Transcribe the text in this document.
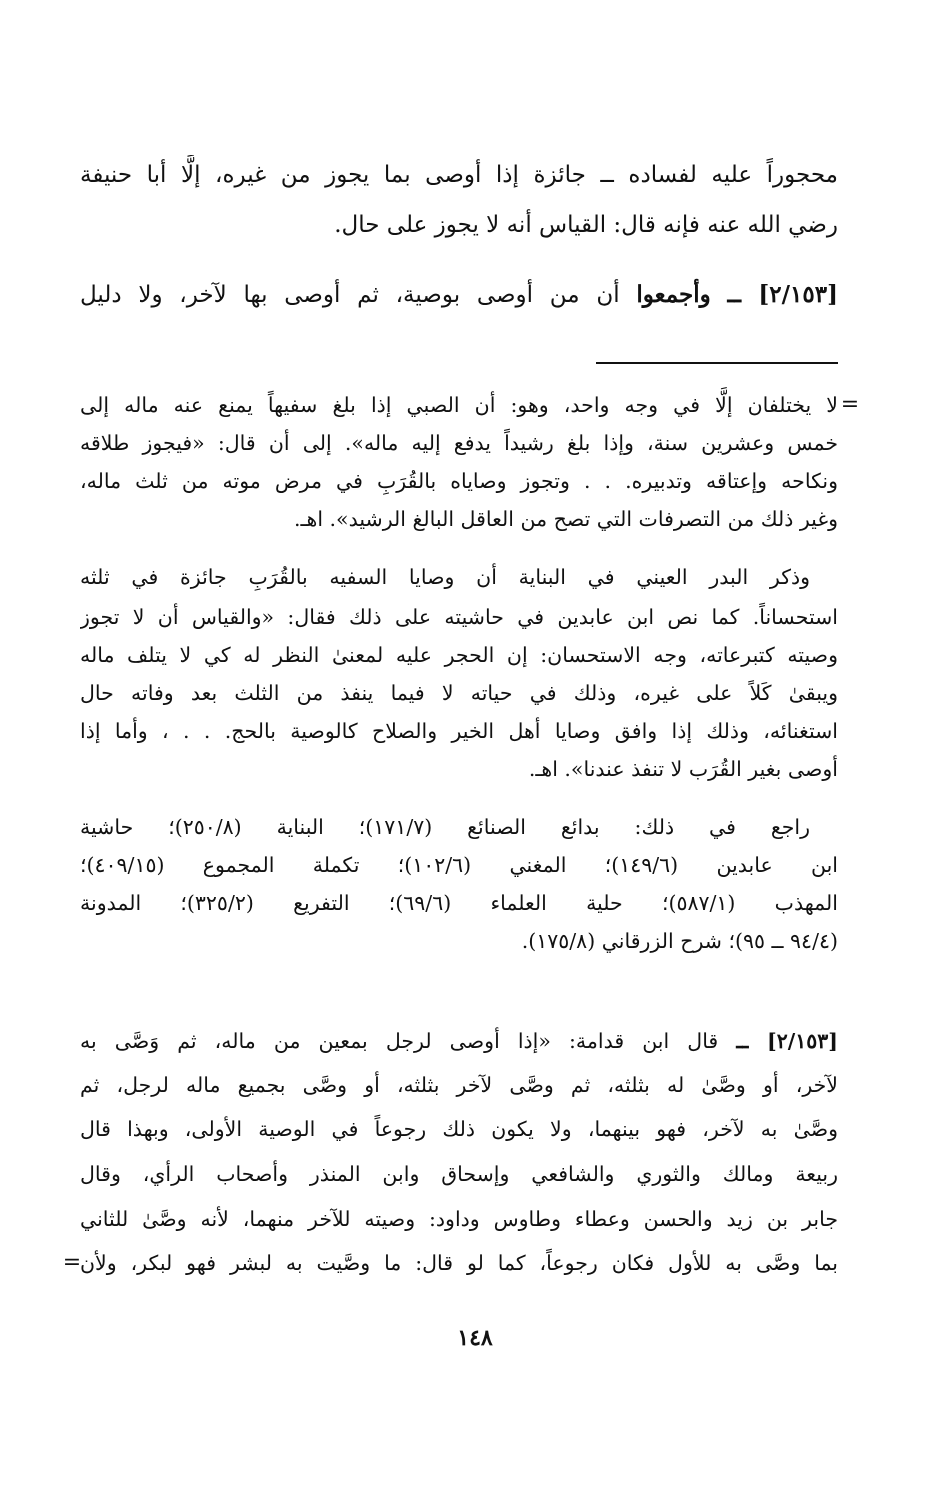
محجوراً عليه لفساده ــ جائزة إذا أوصى بما يجوز من غيره، إلَّا أبا حنيفة
رضي الله عنه فإنه قال: القياس أنه لا يجوز على حال.
[٢/١٥٣] ــ وأجمعوا أن من أوصى بوصية، ثم أوصى بها لآخر، ولا دليل
=
=
لا يختلفان إلَّا في وجه واحد، وهو: أن الصبي إذا بلغ سفيهاً يمنع عنه ماله إلى
خمس وعشرين سنة، وإذا بلغ رشيداً يدفع إليه ماله». إلى أن قال: «فيجوز طلاقه
ونكاحه وإعتاقه وتدبيره. . . وتجوز وصاياه بالقُرَبِ في مرض موته من ثلث ماله،
وغير ذلك من التصرفات التي تصح من العاقل البالغ الرشيد». اهـ.
وذكر البدر العيني في البناية أن وصايا السفيه بالقُرَبِ جائزة في ثلثه
استحساناً. كما نص ابن عابدين في حاشيته على ذلك فقال: «والقياس أن لا تجوز
وصيته كتبرعاته، وجه الاستحسان: إن الحجر عليه لمعنىٰ النظر له كي لا يتلف ماله
ويبقىٰ كَلاً على غيره، وذلك في حياته لا فيما ينفذ من الثلث بعد وفاته حال
استغنائه، وذلك إذا وافق وصايا أهل الخير والصلاح كالوصية بالحج. . . ، وأما إذا
أوصى بغير القُرَب لا تنفذ عندنا». اهـ.
راجع في ذلك: بدائع الصنائع (١٧١/٧)؛ البناية (٢٥٠/٨)؛ حاشية
ابن عابدين (١٤٩/٦)؛ المغني (١٠٢/٦)؛ تكملة المجموع (٤٠٩/١٥)؛
المهذب (٥٨٧/١)؛ حلية العلماء (٦٩/٦)؛ التفريع (٣٢٥/٢)؛ المدونة
(٩٤/٤ ــ ٩٥)؛ شرح الزرقاني (١٧٥/٨).
[٢/١٥٣] ــ قال ابن قدامة: «إذا أوصى لرجل بمعين من ماله، ثم وَصَّى به
لآخر، أو وصَّىٰ له بثلثه، ثم وصَّى لآخر بثلثه، أو وصَّى بجميع ماله لرجل، ثم
وصَّىٰ به لآخر، فهو بينهما، ولا يكون ذلك رجوعاً في الوصية الأولى، وبهذا قال
ربيعة ومالك والثوري والشافعي وإسحاق وابن المنذر وأصحاب الرأي، وقال
جابر بن زيد والحسن وعطاء وطاوس وداود: وصيته للآخر منهما، لأنه وصَّىٰ للثاني
بما وصَّى به للأول فكان رجوعاً، كما لو قال: ما وصَّيت به لبشر فهو لبكر، ولأن
١٤٨
